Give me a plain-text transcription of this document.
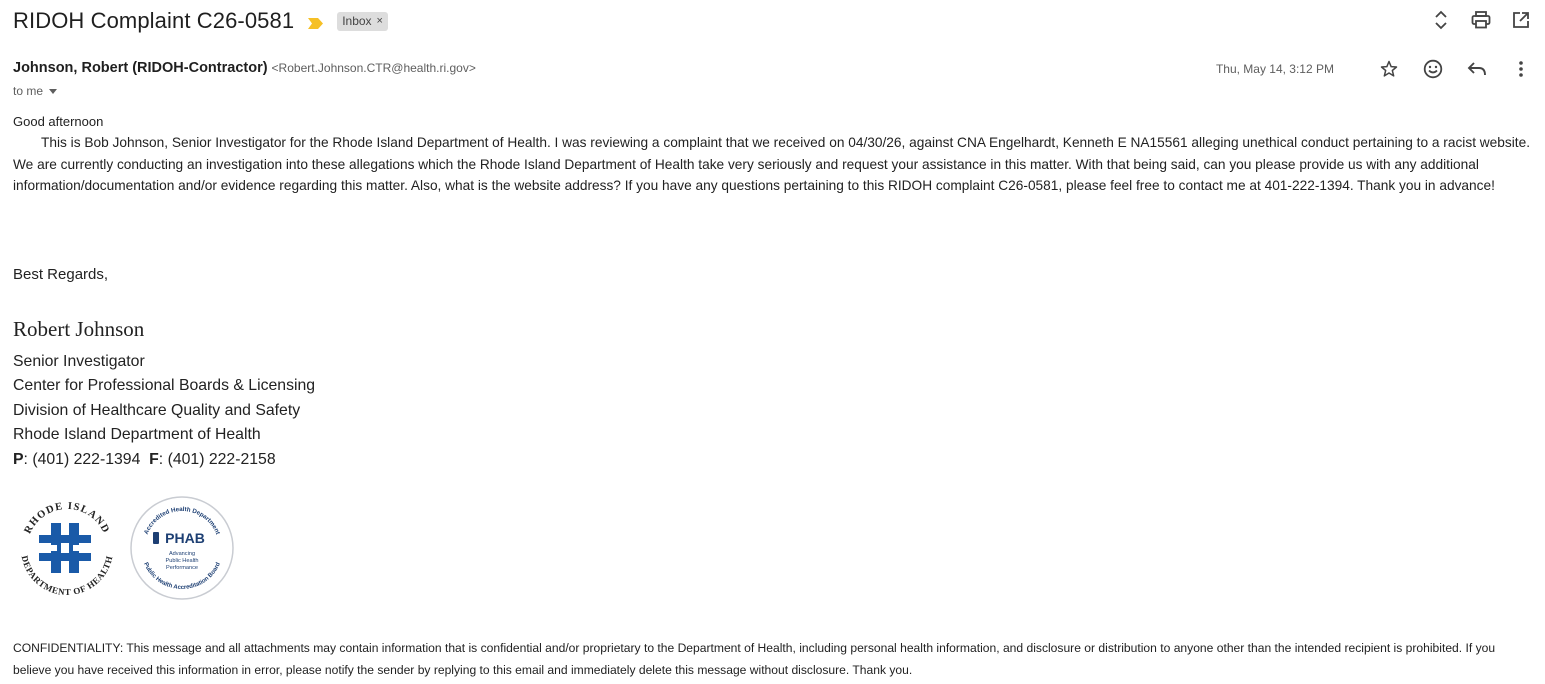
RIDOH Complaint C26-0581	Inbox ×
Johnson, Robert (RIDOH-Contractor) <Robert.Johnson.CTR@health.ri.gov>
to me
Thu, May 14, 3:12 PM
Good afternoon
This is Bob Johnson, Senior Investigator for the Rhode Island Department of Health. I was reviewing a complaint that we received on 04/30/26, against CNA Engelhardt, Kenneth E NA15561 alleging unethical conduct pertaining to a racist website. We are currently conducting an investigation into these allegations which the Rhode Island Department of Health take very seriously and request your assistance in this matter. With that being said, can you please provide us with any additional information/documentation and/or evidence regarding this matter. Also, what is the website address? If you have any questions pertaining to this RIDOH complaint C26-0581, please feel free to contact me at 401-222-1394. Thank you in advance!
Best Regards,
Robert Johnson
Senior Investigator
Center for Professional Boards & Licensing
Division of Healthcare Quality and Safety
Rhode Island Department of Health
P: (401) 222-1394 F: (401) 222-2158
RHODE ISLAND
DEPARTMENT OF HEALTH
Accredited Health Department
Public Health Accreditation Board
PHAB
Advancing
Public Health
Performance
CONFIDENTIALITY: This message and all attachments may contain information that is confidential and/or proprietary to the Department of Health, including personal health information, and disclosure or distribution to anyone other than the intended recipient is prohibited. If you believe you have received this information in error, please notify the sender by replying to this email and immediately delete this message without disclosure. Thank you.
